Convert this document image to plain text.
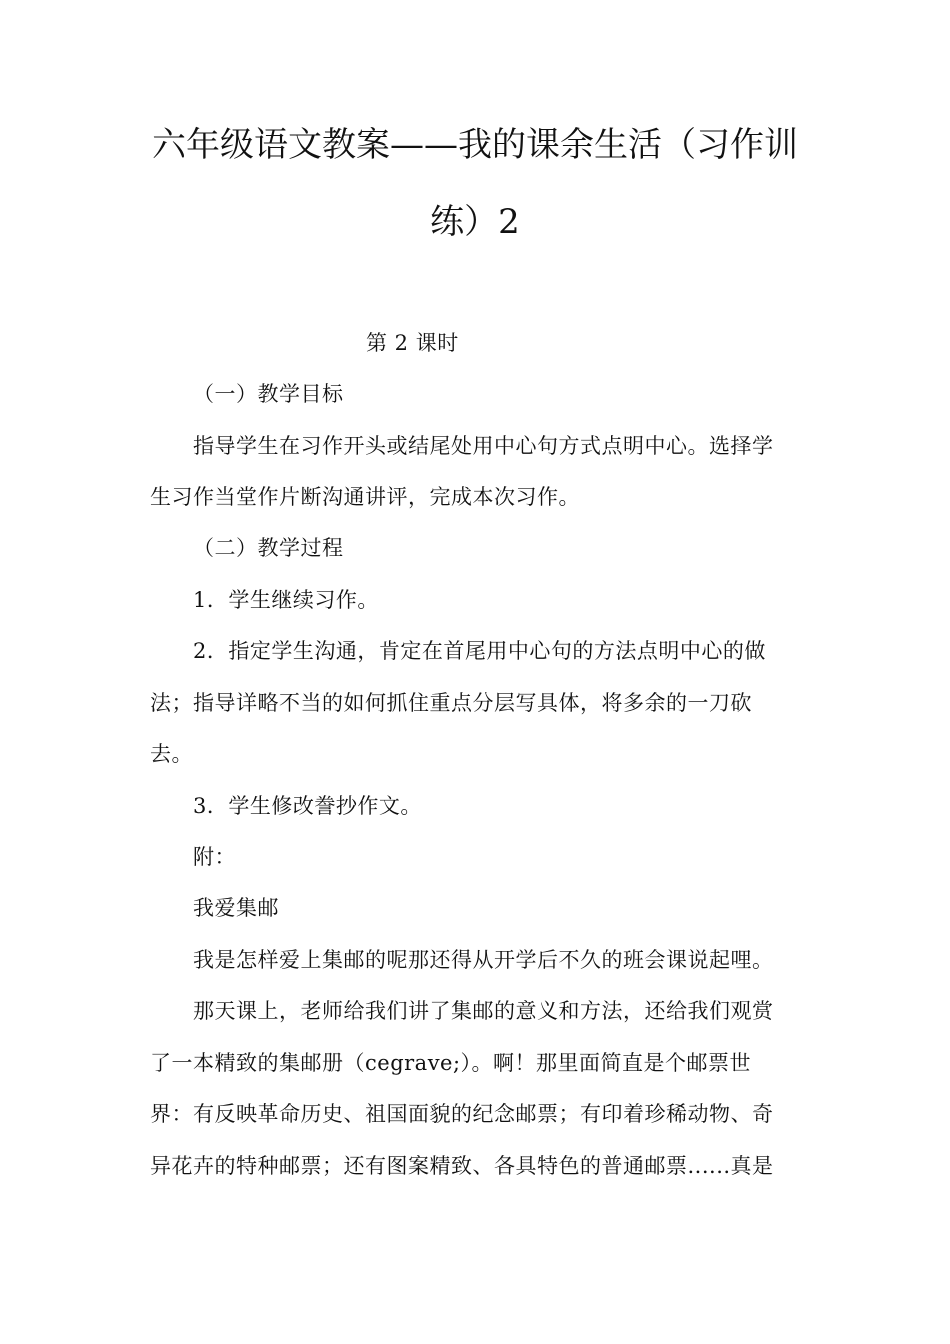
六年级语文教案——我的课余生活（习作训
练）2
第 2 课时
（一）教学目标
指导学生在习作开头或结尾处用中心句方式点明中心。选择学
生习作当堂作片断沟通讲评，完成本次习作。
（二）教学过程
1．学生继续习作。
2．指定学生沟通，肯定在首尾用中心句的方法点明中心的做
法；指导详略不当的如何抓住重点分层写具体，将多余的一刀砍
去。
3．学生修改誊抄作文。
附：
我爱集邮
我是怎样爱上集邮的呢那还得从开学后不久的班会课说起哩。
那天课上，老师给我们讲了集邮的意义和方法，还给我们观赏
了一本精致的集邮册（cegrave;）。啊！那里面简直是个邮票世
界：有反映革命历史、祖国面貌的纪念邮票；有印着珍稀动物、奇
异花卉的特种邮票；还有图案精致、各具特色的普通邮票......真是
